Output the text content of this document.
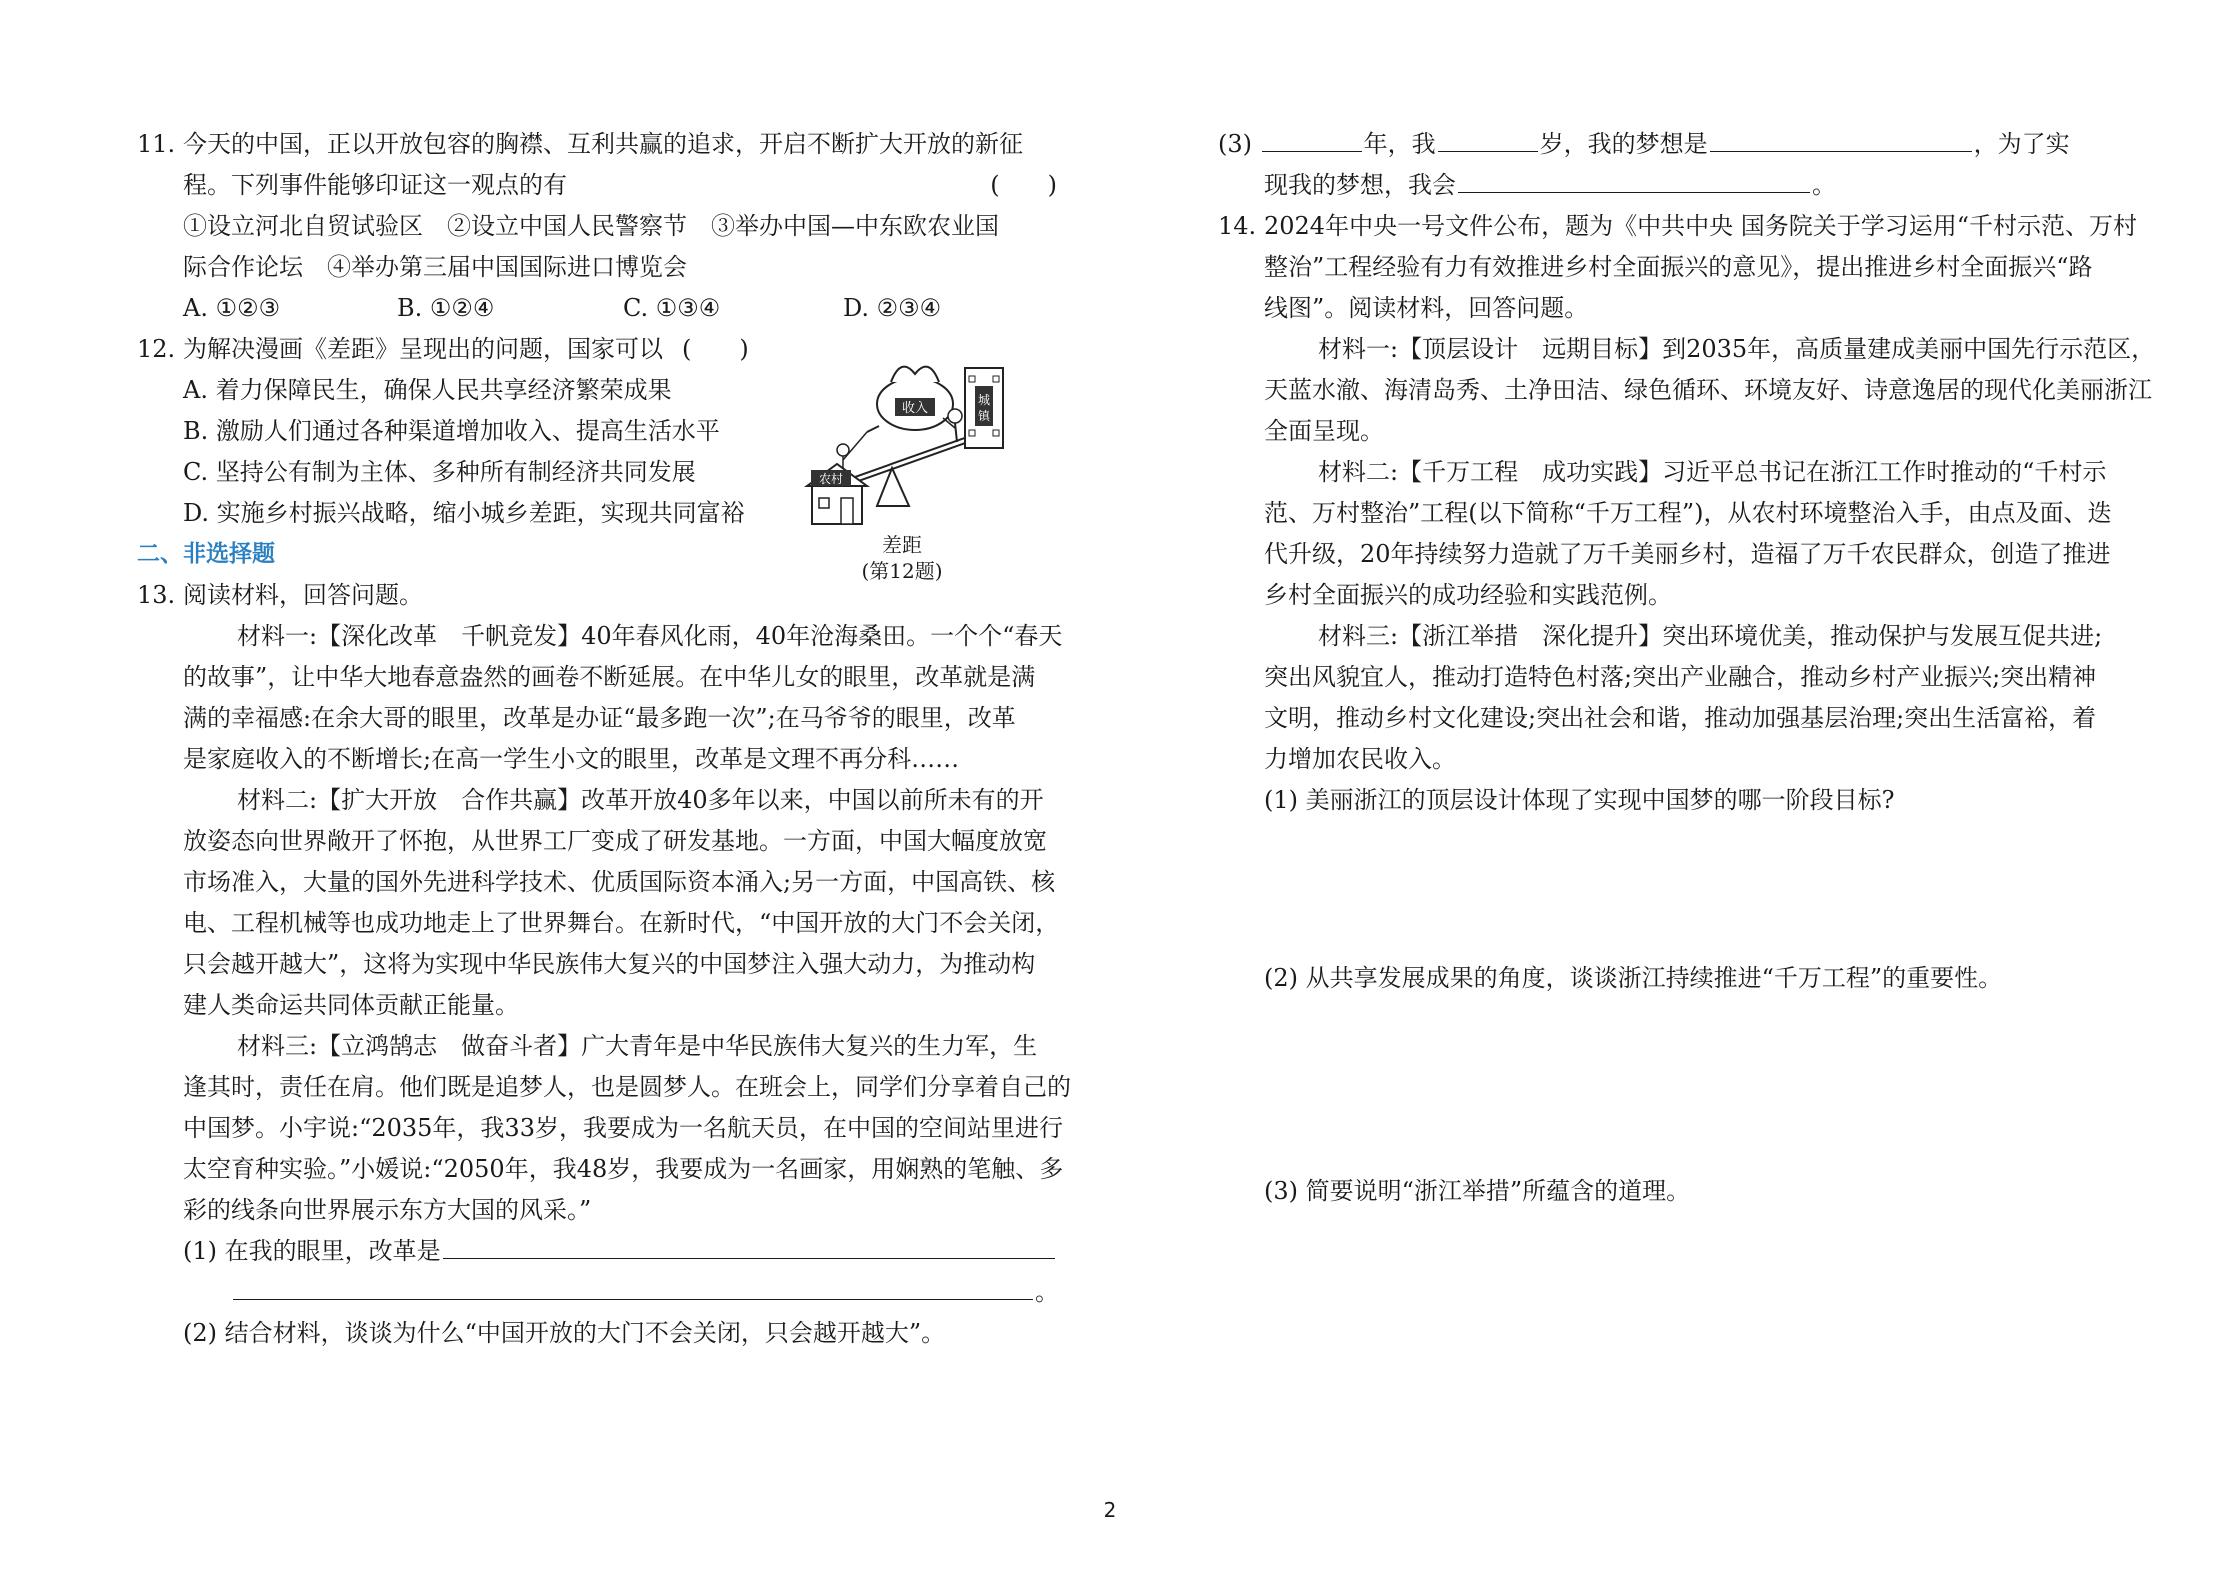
11. 今天的中国，正以开放包容的胸襟、互利共赢的追求，开启不断扩大开放的新征
程。下列事件能够印证这一观点的有	(　　)
①设立河北自贸试验区　②设立中国人民警察节　③举办中国—中东欧农业国
际合作论坛　④举办第三届中国国际进口博览会
A. ①②③	B. ①②④	C. ①③④	D. ②③④
12. 为解决漫画《差距》呈现出的问题，国家可以 (　　)
A. 着力保障民生，确保人民共享经济繁荣成果
B. 激励人们通过各种渠道增加收入、提高生活水平
C. 坚持公有制为主体、多种所有制经济共同发展
D. 实施乡村振兴战略，缩小城乡差距，实现共同富裕
二、非选择题
13. 阅读材料，回答问题。
材料一:【深化改革　千帆竞发】40年春风化雨，40年沧海桑田。一个个“春天
的故事”，让中华大地春意盎然的画卷不断延展。在中华儿女的眼里，改革就是满
满的幸福感:在余大哥的眼里，改革是办证“最多跑一次”;在马爷爷的眼里，改革
是家庭收入的不断增长;在高一学生小文的眼里，改革是文理不再分科……
材料二:【扩大开放　合作共赢】改革开放40多年以来，中国以前所未有的开
放姿态向世界敞开了怀抱，从世界工厂变成了研发基地。一方面，中国大幅度放宽
市场准入，大量的国外先进科学技术、优质国际资本涌入;另一方面，中国高铁、核
电、工程机械等也成功地走上了世界舞台。在新时代，“中国开放的大门不会关闭，
只会越开越大”，这将为实现中华民族伟大复兴的中国梦注入强大动力，为推动构
建人类命运共同体贡献正能量。
材料三:【立鸿鹄志　做奋斗者】广大青年是中华民族伟大复兴的生力军，生
逢其时，责任在肩。他们既是追梦人，也是圆梦人。在班会上，同学们分享着自己的
中国梦。小宇说:“2035年，我33岁，我要成为一名航天员，在中国的空间站里进行
太空育种实验。”小媛说:“2050年，我48岁，我要成为一名画家，用娴熟的笔触、多
彩的线条向世界展示东方大国的风采。”
(1) 在我的眼里，改革是
。
(2) 结合材料，谈谈为什么“中国开放的大门不会关闭，只会越开越大”。
农村
收入
城
镇
差距
(第12题)
(3)	年，我	岁，我的梦想是	，为了实
现我的梦想，我会	。
14. 2024年中央一号文件公布，题为《中共中央 国务院关于学习运用“千村示范、万村
整治”工程经验有力有效推进乡村全面振兴的意见》，提出推进乡村全面振兴“路
线图”。阅读材料，回答问题。
材料一:【顶层设计　远期目标】到2035年，高质量建成美丽中国先行示范区，
天蓝水澈、海清岛秀、土净田洁、绿色循环、环境友好、诗意逸居的现代化美丽浙江
全面呈现。
材料二:【千万工程　成功实践】习近平总书记在浙江工作时推动的“千村示
范、万村整治”工程(以下简称“千万工程”)，从农村环境整治入手，由点及面、迭
代升级，20年持续努力造就了万千美丽乡村，造福了万千农民群众，创造了推进
乡村全面振兴的成功经验和实践范例。
材料三:【浙江举措　深化提升】突出环境优美，推动保护与发展互促共进;
突出风貌宜人，推动打造特色村落;突出产业融合，推动乡村产业振兴;突出精神
文明，推动乡村文化建设;突出社会和谐，推动加强基层治理;突出生活富裕，着
力增加农民收入。
(1) 美丽浙江的顶层设计体现了实现中国梦的哪一阶段目标?
(2) 从共享发展成果的角度，谈谈浙江持续推进“千万工程”的重要性。
(3) 简要说明“浙江举措”所蕴含的道理。
2
